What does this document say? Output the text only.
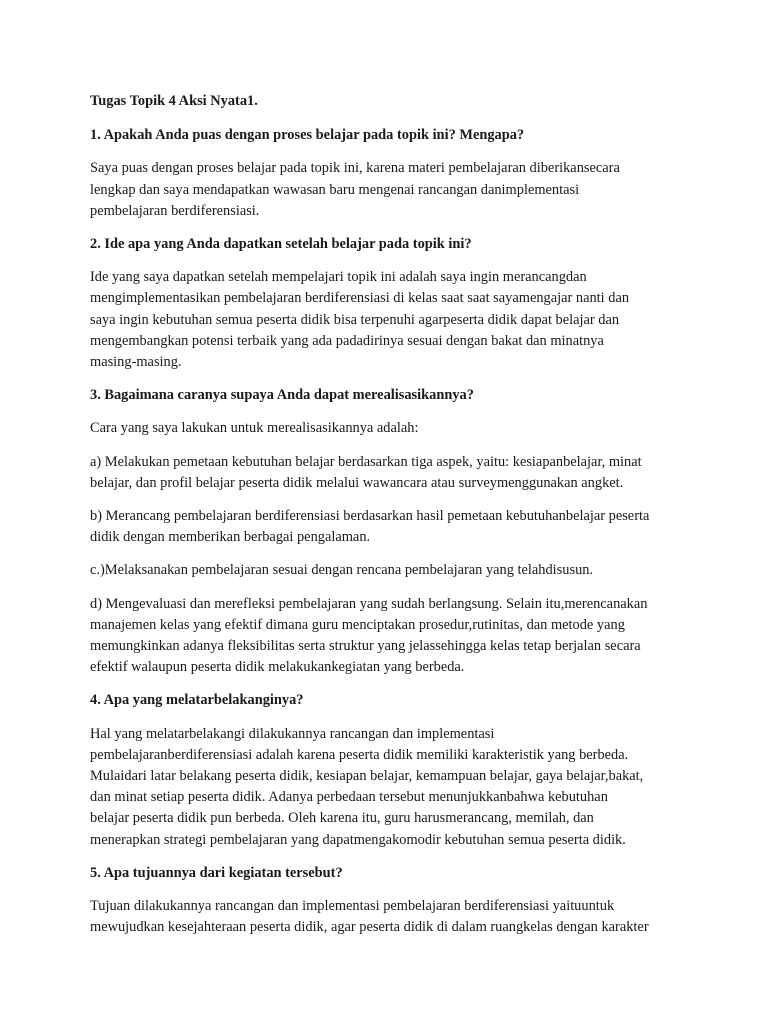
Tugas Topik 4 Aksi Nyata1.
1. Apakah Anda puas dengan proses belajar pada topik ini? Mengapa?
Saya puas dengan proses belajar pada topik ini, karena materi pembelajaran diberikansecara
lengkap dan saya mendapatkan wawasan baru mengenai rancangan danimplementasi
pembelajaran berdiferensiasi.
2. Ide apa yang Anda dapatkan setelah belajar pada topik ini?
Ide yang saya dapatkan setelah mempelajari topik ini adalah saya ingin merancangdan
mengimplementasikan pembelajaran berdiferensiasi di kelas saat saat sayamengajar nanti dan
saya ingin kebutuhan semua peserta didik bisa terpenuhi agarpeserta didik dapat belajar dan
mengembangkan potensi terbaik yang ada padadirinya sesuai dengan bakat dan minatnya
masing-masing.
3. Bagaimana caranya supaya Anda dapat merealisasikannya?
Cara yang saya lakukan untuk merealisasikannya adalah:
a) Melakukan pemetaan kebutuhan belajar berdasarkan tiga aspek, yaitu: kesiapanbelajar, minat
belajar, dan profil belajar peserta didik melalui wawancara atau surveymenggunakan angket.
b) Merancang pembelajaran berdiferensiasi berdasarkan hasil pemetaan kebutuhanbelajar peserta
didik dengan memberikan berbagai pengalaman.
c.)Melaksanakan pembelajaran sesuai dengan rencana pembelajaran yang telahdisusun.
d) Mengevaluasi dan merefleksi pembelajaran yang sudah berlangsung. Selain itu,merencanakan
manajemen kelas yang efektif dimana guru menciptakan prosedur,rutinitas, dan metode yang
memungkinkan adanya fleksibilitas serta struktur yang jelassehingga kelas tetap berjalan secara
efektif walaupun peserta didik melakukankegiatan yang berbeda.
4. Apa yang melatarbelakanginya?
Hal yang melatarbelakangi dilakukannya rancangan dan implementasi
pembelajaranberdiferensiasi adalah karena peserta didik memiliki karakteristik yang berbeda.
Mulaidari latar belakang peserta didik, kesiapan belajar, kemampuan belajar, gaya belajar,bakat,
dan minat setiap peserta didik. Adanya perbedaan tersebut menunjukkanbahwa kebutuhan
belajar peserta didik pun berbeda. Oleh karena itu, guru harusmerancang, memilah, dan
menerapkan strategi pembelajaran yang dapatmengakomodir kebutuhan semua peserta didik.
5. Apa tujuannya dari kegiatan tersebut?
Tujuan dilakukannya rancangan dan implementasi pembelajaran berdiferensiasi yaituuntuk
mewujudkan kesejahteraan peserta didik, agar peserta didik di dalam ruangkelas dengan karakter
